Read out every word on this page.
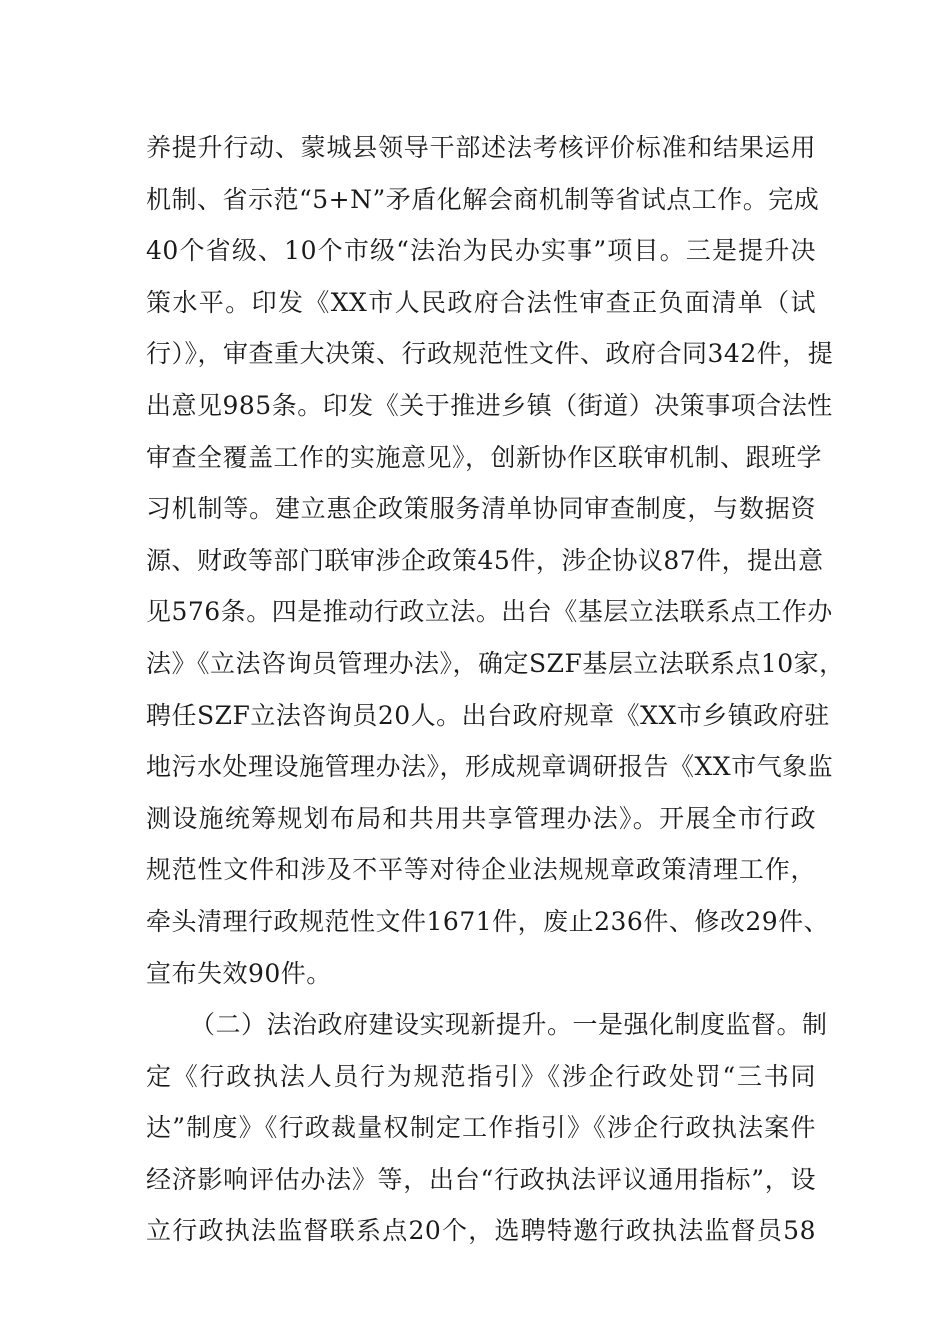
养提升行动、蒙城县领导干部述法考核评价标准和结果运用
机制、省示范“5+N”矛盾化解会商机制等省试点工作。完成
40个省级、10个市级“法治为民办实事”项目。三是提升决
策水平。印发《XX市人民政府合法性审查正负面清单（试
行）》，审查重大决策、行政规范性文件、政府合同342件，提
出意见985条。印发《关于推进乡镇（街道）决策事项合法性
审查全覆盖工作的实施意见》，创新协作区联审机制、跟班学
习机制等。建立惠企政策服务清单协同审查制度，与数据资
源、财政等部门联审涉企政策45件，涉企协议87件，提出意
见576条。四是推动行政立法。出台《基层立法联系点工作办
法》《立法咨询员管理办法》，确定SZF基层立法联系点10家，
聘任SZF立法咨询员20人。出台政府规章《XX市乡镇政府驻
地污水处理设施管理办法》，形成规章调研报告《XX市气象监
测设施统筹规划布局和共用共享管理办法》。开展全市行政
规范性文件和涉及不平等对待企业法规规章政策清理工作，
牵头清理行政规范性文件1671件，废止236件、修改29件、
宣布失效90件。
（二）法治政府建设实现新提升。一是强化制度监督。制
定《行政执法人员行为规范指引》《涉企行政处罚“三书同
达”制度》《行政裁量权制定工作指引》《涉企行政执法案件
经济影响评估办法》等，出台“行政执法评议通用指标”，设
立行政执法监督联系点20个，选聘特邀行政执法监督员58
